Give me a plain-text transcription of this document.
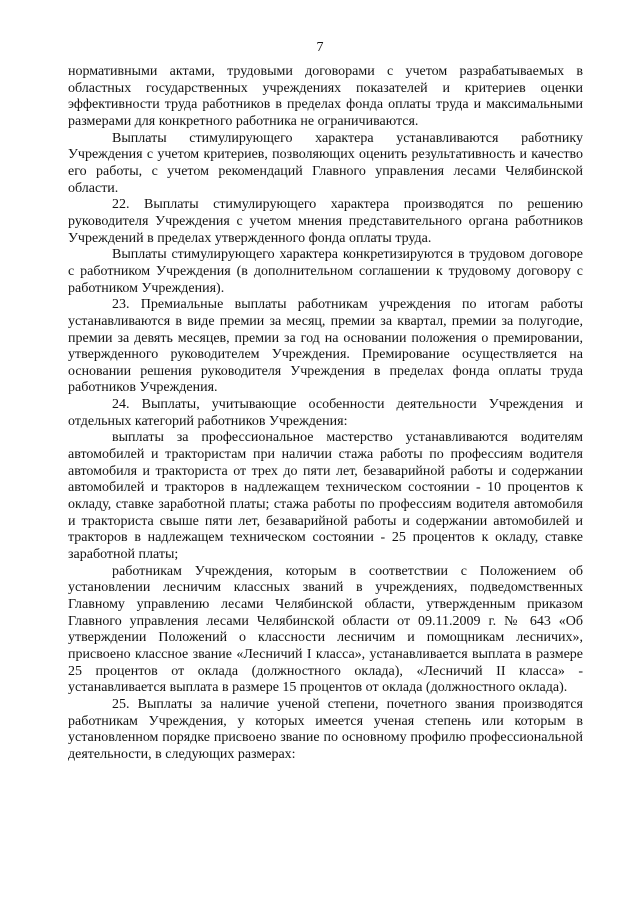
7

нормативными актами, трудовыми договорами с учетом разрабатываемых в областных государственных учреждениях показателей и критериев оценки эффективности труда работников в пределах фонда оплаты труда и максимальными размерами для конкретного работника не ограничиваются.

Выплаты стимулирующего характера устанавливаются работнику Учреждения с учетом критериев, позволяющих оценить результативность и качество его работы, с учетом рекомендаций Главного управления лесами Челябинской области.

22. Выплаты стимулирующего характера производятся по решению руководителя Учреждения с учетом мнения представительного органа работников Учреждений в пределах утвержденного фонда оплаты труда.

Выплаты стимулирующего характера конкретизируются в трудовом договоре с работником Учреждения (в дополнительном соглашении к трудовому договору с работником Учреждения).

23. Премиальные выплаты работникам учреждения по итогам работы устанавливаются в виде премии за месяц, премии за квартал, премии за полугодие, премии за девять месяцев, премии за год на основании положения о премировании, утвержденного руководителем Учреждения. Премирование осуществляется на основании решения руководителя Учреждения в пределах фонда оплаты труда работников Учреждения.

24. Выплаты, учитывающие особенности деятельности Учреждения и отдельных категорий работников Учреждения:

выплаты за профессиональное мастерство устанавливаются водителям автомобилей и трактористам при наличии стажа работы по профессиям водителя автомобиля и тракториста от трех до пяти лет, безаварийной работы и содержании автомобилей и тракторов в надлежащем техническом состоянии - 10 процентов к окладу, ставке заработной платы; стажа работы по профессиям водителя автомобиля и тракториста свыше пяти лет, безаварийной работы и содержании автомобилей и тракторов в надлежащем техническом состоянии - 25 процентов к окладу, ставке заработной платы;

работникам Учреждения, которым в соответствии с Положением об установлении лесничим классных званий в учреждениях, подведомственных Главному управлению лесами Челябинской области, утвержденным приказом Главного управления лесами Челябинской области от 09.11.2009 г. № 643 «Об утверждении Положений о классности лесничим и помощникам лесничих», присвоено классное звание «Лесничий I класса», устанавливается выплата в размере 25 процентов от оклада (должностного оклада), «Лесничий II класса» - устанавливается выплата в размере 15 процентов от оклада (должностного оклада).

25. Выплаты за наличие ученой степени, почетного звания производятся работникам Учреждения, у которых имеется ученая степень или которым в установленном порядке присвоено звание по основному профилю профессиональной деятельности, в следующих размерах:
